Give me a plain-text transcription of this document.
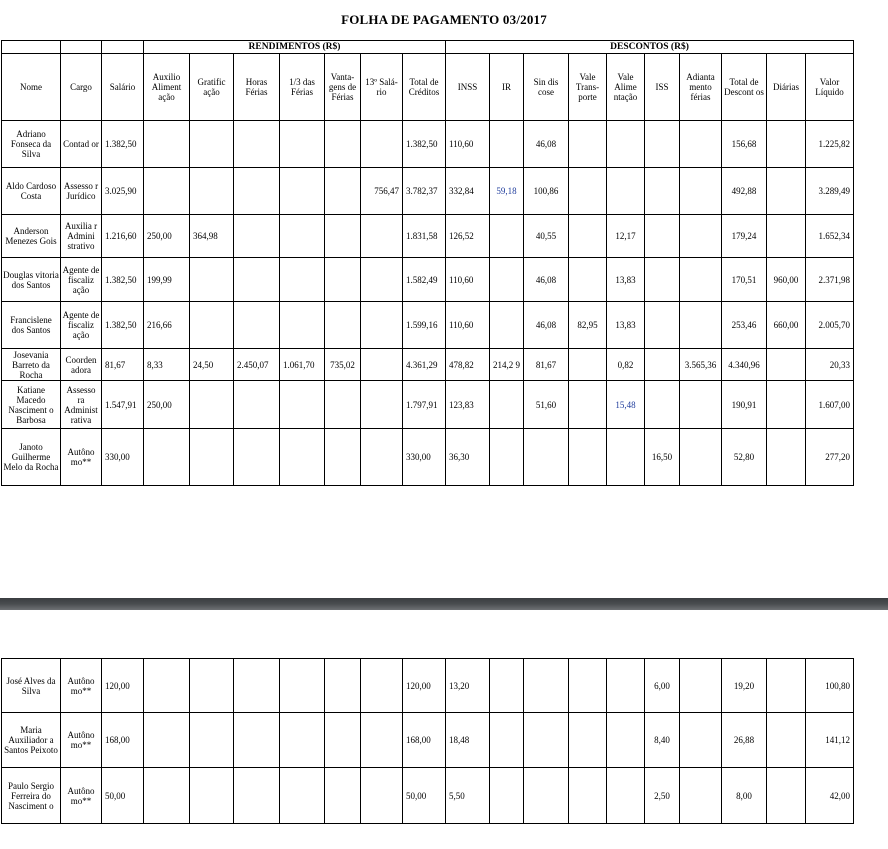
FOLHA DE PAGAMENTO 03/2017
			RENDIMENTOS (R$)							DESCONTOS (R$)									
Nome	Cargo	Salário	Auxilio Aliment ação	Gratific ação	Horas Férias	1/3 das Férias	Vanta- gens de Férias	13º Salá-rio	Total de Créditos	INSS	IR	Sin dis cose	Vale Trans- porte	Vale Alime ntação	ISS	Adianta mento férias	Total de Descont os	Diárias	Valor Líquido
Adriano Fonseca da Silva	Contad or	1.382,50							1.382,50	110,60		46,08					156,68		1.225,82
Aldo Cardoso Costa	Assesso r Jurídico	3.025,90						756,47	3.782,37	332,84	59,18	100,86					492,88		3.289,49
Anderson Menezes Gois	Auxilia r Admini strativo	1.216,60	250,00	364,98					1.831,58	126,52		40,55		12,17			179,24		1.652,34
Douglas vitoria dos Santos	Agente de fiscaliz ação	1.382,50	199,99						1.582,49	110,60		46,08		13,83			170,51	960,00	2.371,98
Francislene dos Santos	Agente de fiscaliz ação	1.382,50	216,66						1.599,16	110,60		46,08	82,95	13,83			253,46	660,00	2.005,70
Josevania Barreto da Rocha	Coorden adora	81,67	8,33	24,50	2.450,07	1.061,70	735,02		4.361,29	478,82	214,2 9	81,67		0,82		3.565,36	4.340,96		20,33
Katiane Macedo Nasciment o Barbosa	Assesso ra Administ rativa	1.547,91	250,00						1.797,91	123,83		51,60		15,48			190,91		1.607,00
Janoto Guilherme Melo da Rocha	Autôno mo**	330,00							330,00	36,30					16,50		52,80		277,20
José Alves da Silva	Autôno mo**	120,00							120,00	13,20					6,00		19,20		100,80
Maria Auxiliador a Santos Peixoto	Autôno mo**	168,00							168,00	18,48					8,40		26,88		141,12
Paulo Sergio Ferreira do Nasciment o	Autôno mo**	50,00							50,00	5,50					2,50		8,00		42,00
